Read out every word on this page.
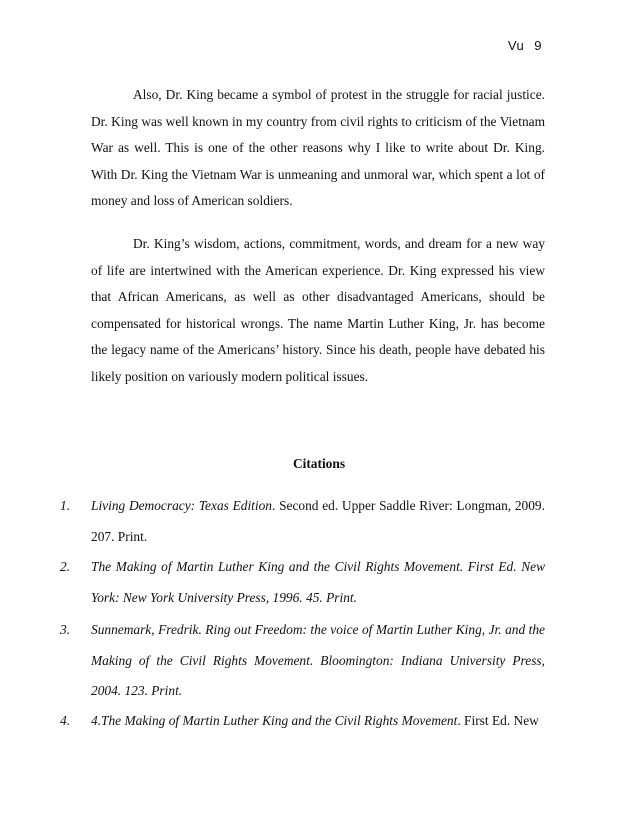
Vu 9

Also, Dr. King became a symbol of protest in the struggle for racial justice. Dr. King was well known in my country from civil rights to criticism of the Vietnam War as well. This is one of the other reasons why I like to write about Dr. King. With Dr. King the Vietnam War is unmeaning and unmoral war, which spent a lot of money and loss of American soldiers.

Dr. King’s wisdom, actions, commitment, words, and dream for a new way of life are intertwined with the American experience. Dr. King expressed his view that African Americans, as well as other disadvantaged Americans, should be compensated for historical wrongs. The name Martin Luther King, Jr. has become the legacy name of the Americans’ history. Since his death, people have debated his likely position on variously modern political issues.

Citations
1. Living Democracy: Texas Edition. Second ed. Upper Saddle River: Longman, 2009. 207. Print.
2. The Making of Martin Luther King and the Civil Rights Movement. First Ed. New York: New York University Press, 1996. 45. Print.
3. Sunnemark, Fredrik. Ring out Freedom: the voice of Martin Luther King, Jr. and the Making of the Civil Rights Movement. Bloomington: Indiana University Press, 2004. 123. Print.
4. 4.The Making of Martin Luther King and the Civil Rights Movement. First Ed. New
